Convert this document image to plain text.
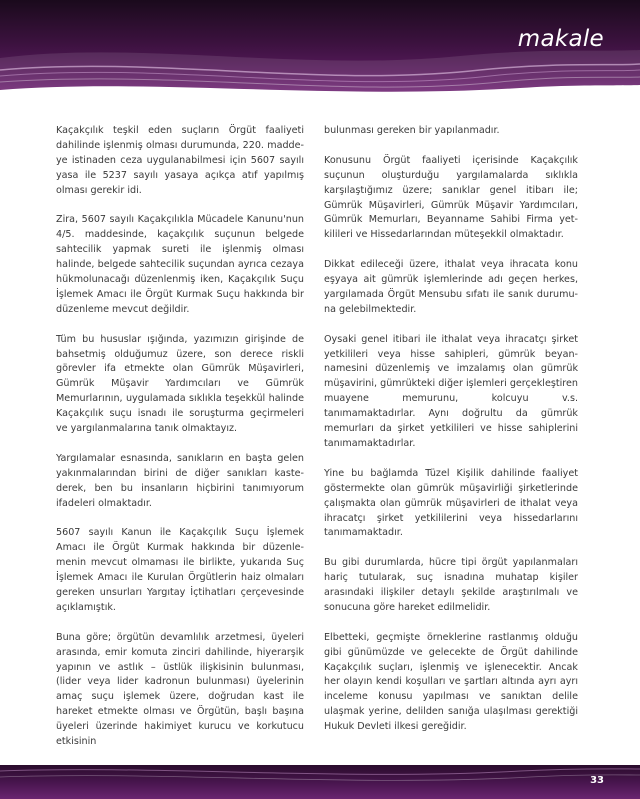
makale

Kaçakçılık teşkil eden suçların Örgüt faaliyeti dahilinde işlenmiş olması durumunda, 220. madde-ye istinaden ceza uygulanabilmesi için 5607 sayılı yasa ile 5237 sayılı yasaya açıkça atıf yapılmış olması gerekir idi.

Zira, 5607 sayılı Kaçakçılıkla Mücadele Kanunu'nun 4/5. maddesinde, kaçakçılık suçunun belgede sahtecilik yapmak sureti ile işlenmiş olması halinde, belgede sahtecilik suçundan ayrıca cezaya hükmolunacağı düzenlenmiş iken, Kaçakçılık Suçu İşlemek Amacı ile Örgüt Kurmak Suçu hakkında bir düzenleme mevcut değildir.

Tüm bu hususlar ışığında, yazımızın girişinde de bahsetmiş olduğumuz üzere, son derece riskli görevler ifa etmekte olan Gümrük Müşavirleri, Gümrük Müşavir Yardımcıları ve Gümrük Memurlarının, uygulamada sıklıkla teşekkül halinde Kaçakçılık suçu isnadı ile soruşturma geçirmeleri ve yargılanmalarına tanık olmaktayız.

Yargılamalar esnasında, sanıkların en başta gelen yakınmalarından birini de diğer sanıkları kaste-derek, ben bu insanların hiçbirini tanımıyorum ifadeleri olmaktadır.

5607 sayılı Kanun ile Kaçakçılık Suçu İşlemek Amacı ile Örgüt Kurmak hakkında bir düzenle-menin mevcut olmaması ile birlikte, yukarıda Suç İşlemek Amacı ile Kurulan Örgütlerin haiz olmaları gereken unsurları Yargıtay İçtihatları çerçevesinde açıklamıştık.

Buna göre; örgütün devamlılık arzetmesi, üyeleri arasında, emir komuta zinciri dahilinde, hiyerarşik yapının ve astlık – üstlük ilişkisinin bulunması, (lider veya lider kadronun bulunması) üyelerinin amaç suçu işlemek üzere, doğrudan kast ile hareket etmekte olması ve Örgütün, başlı başına üyeleri üzerinde hakimiyet kurucu ve korkutucu etkisinin

bulunması gereken bir yapılanmadır.

Konusunu Örgüt faaliyeti içerisinde Kaçakçılık suçunun oluşturduğu yargılamalarda sıklıkla karşılaştığımız üzere; sanıklar genel itibarı ile; Gümrük Müşavirleri, Gümrük Müşavir Yardımcıları, Gümrük Memurları, Beyanname Sahibi Firma yet-kilileri ve Hissedarlarından müteşekkil olmaktadır.

Dikkat edileceği üzere, ithalat veya ihracata konu eşyaya ait gümrük işlemlerinde adı geçen herkes, yargılamada Örgüt Mensubu sıfatı ile sanık durumu-na gelebilmektedir.

Oysaki genel itibari ile ithalat veya ihracatçı şirket yetkilileri veya hisse sahipleri, gümrük beyan-namesini düzenlemiş ve imzalamış olan gümrük müşavirini, gümrükteki diğer işlemleri gerçekleştiren muayene memurunu, kolcuyu v.s. tanımamaktadırlar. Aynı doğrultu da gümrük memurları da şirket yetkilileri ve hisse sahiplerini tanımamaktadırlar.

Yine bu bağlamda Tüzel Kişilik dahilinde faaliyet göstermekte olan gümrük müşavirliği şirketlerinde çalışmakta olan gümrük müşavirleri de ithalat veya ihracatçı şirket yetkililerini veya hissedarlarını tanımamaktadır.

Bu gibi durumlarda, hücre tipi örgüt yapılanmaları hariç tutularak, suç isnadına muhatap kişiler arasındaki ilişkiler detaylı şekilde araştırılmalı ve sonucuna göre hareket edilmelidir.

Elbetteki, geçmişte örneklerine rastlanmış olduğu gibi günümüzde ve gelecekte de Örgüt dahilinde Kaçakçılık suçları, işlenmiş ve işlenecektir. Ancak her olayın kendi koşulları ve şartları altında ayrı ayrı inceleme konusu yapılması ve sanıktan delile ulaşmak yerine, delilden sanığa ulaşılması gerektiği Hukuk Devleti ilkesi gereğidir.

33
